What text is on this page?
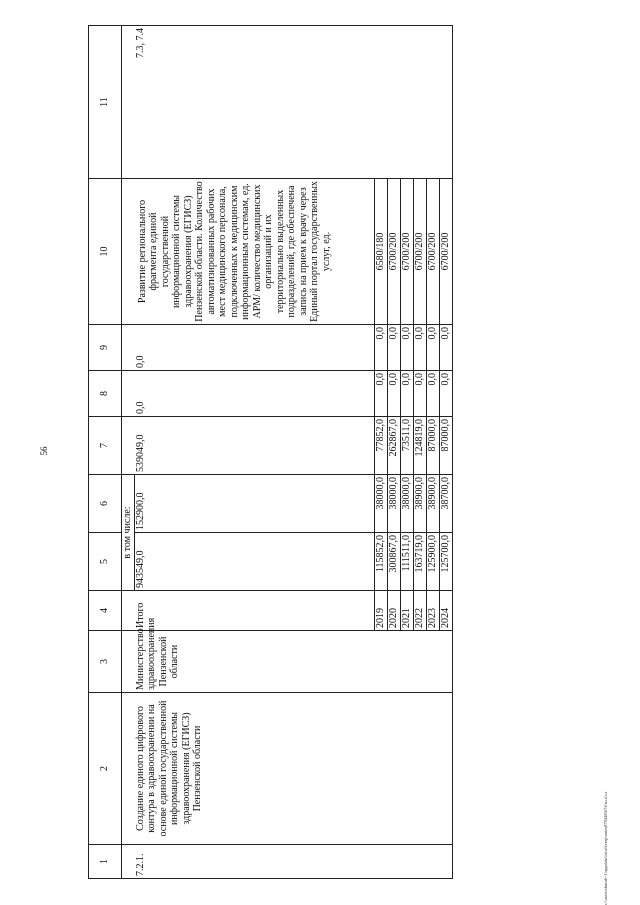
56
1	2	3	4	5	6	7	8	9	10	11
				в том числе:						
7.2.1.	Создание единого цифрового контура в здравоохранении на основе единой государственной информационной системы здравоохранения (ЕГИСЗ) Пензенской области	Министерство здравоохранения Пензенской области	Итого	943549,0	152900,0	539049,0	0,0	0,0	Развитие регионального фрагмента единой государственной информационной системы здравоохранения (ЕГИСЗ) Пензенской области. Количество автоматизированных рабочих мест медицинского персонала, подключенных к медицинским информационным системам, ед. АРМ/ количество медицинских организаций и их территориально выделенных подразделений, где обеспечена запись на прием к врачу через Единый портал государственных услуг, ед.	7.3, 7.4
			2019	115852,0	38000,0	77852,0	0,0	0,0	6580/180	
			2020	300867,0	38000,0	262867,0	0,0	0,0	6700/200	
			2021	111511,0	38000,0	73511,0	0,0	0,0	6700/200	
			2022	163719,0	38900,0	124819,0	0,0	0,0	6700/200	
			2023	125900,0	38900,0	87000,0	0,0	0,0	6700/200	
			2024	125700,0	38700,0	87000,0	0,0	0,0	6700/200	
c:\users\sboroh~1\appdata\local\temp\notes879448\674-ш.d.cx
